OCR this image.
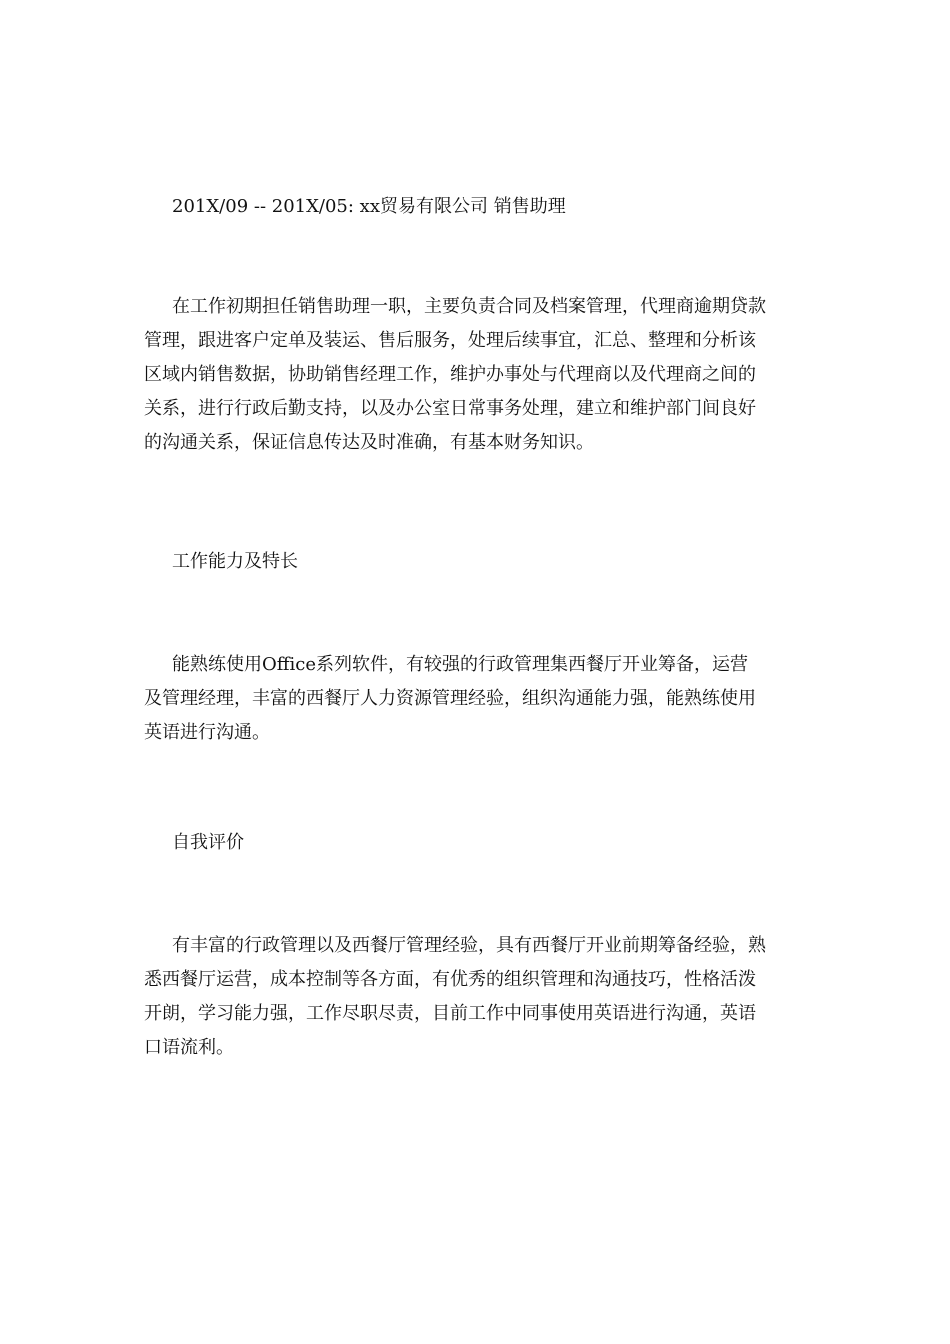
201X/09 -- 201X/05: xx贸易有限公司 销售助理
在工作初期担任销售助理一职，主要负责合同及档案管理，代理商逾期贷款
管理，跟进客户定单及装运、售后服务，处理后续事宜，汇总、整理和分析该
区域内销售数据，协助销售经理工作，维护办事处与代理商以及代理商之间的
关系，进行行政后勤支持，以及办公室日常事务处理，建立和维护部门间良好
的沟通关系，保证信息传达及时准确，有基本财务知识。
工作能力及特长
能熟练使用Office系列软件，有较强的行政管理集西餐厅开业筹备，运营
及管理经理，丰富的西餐厅人力资源管理经验，组织沟通能力强，能熟练使用
英语进行沟通。
自我评价
有丰富的行政管理以及西餐厅管理经验，具有西餐厅开业前期筹备经验，熟
悉西餐厅运营，成本控制等各方面，有优秀的组织管理和沟通技巧，性格活泼
开朗，学习能力强，工作尽职尽责，目前工作中同事使用英语进行沟通，英语
口语流利。
